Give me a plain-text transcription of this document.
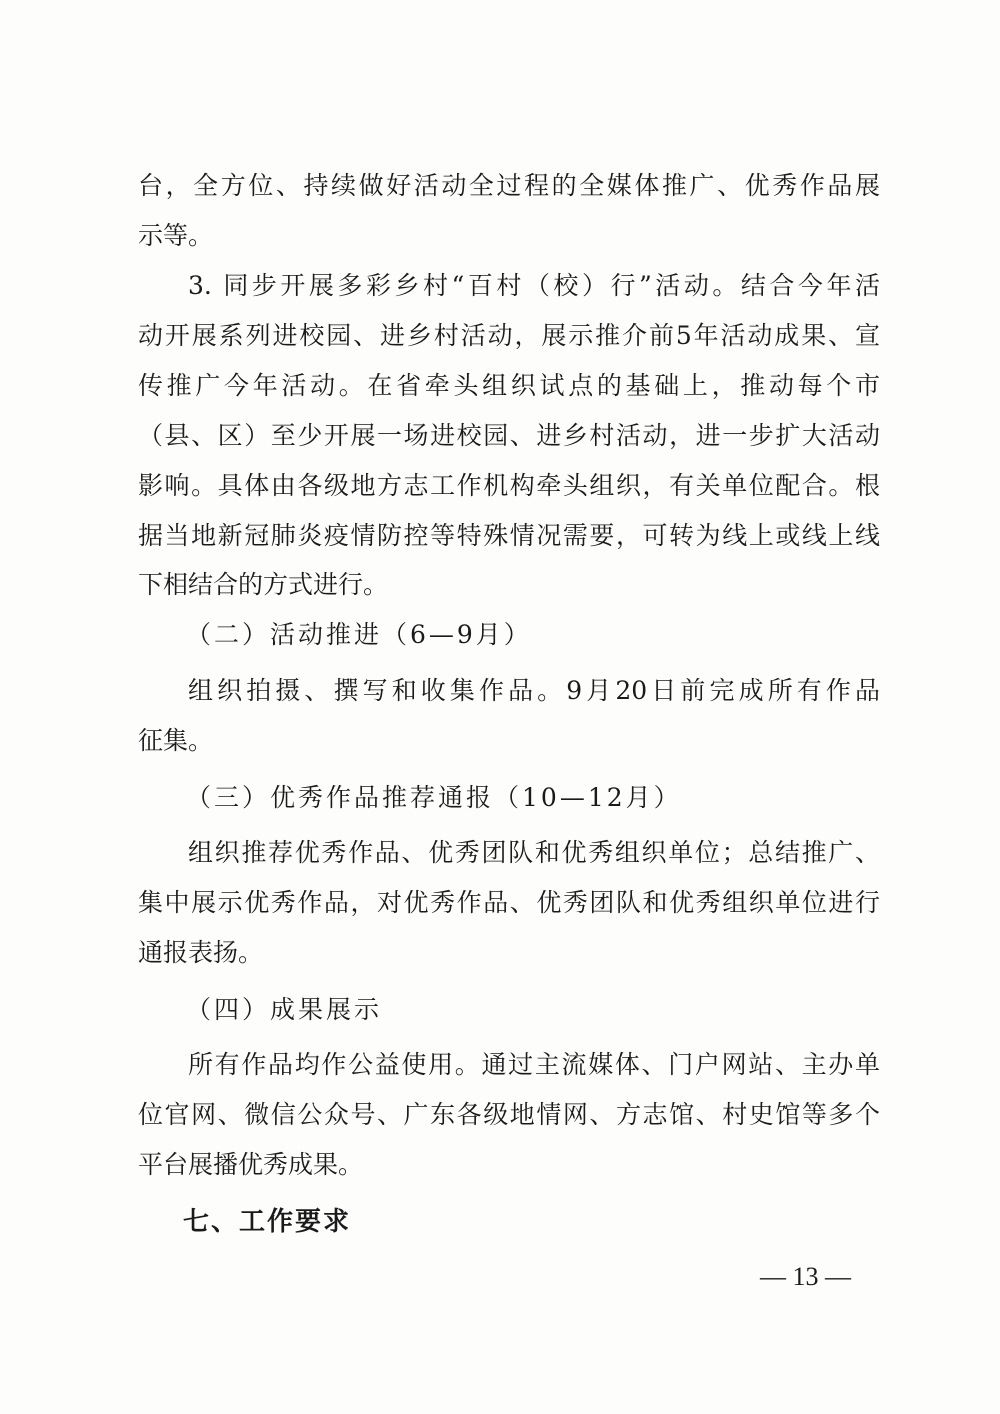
台，全方位、持续做好活动全过程的全媒体推广、优秀作品展
示等。
3. 同步开展多彩乡村“百村（校）行”活动。结合今年活
动开展系列进校园、进乡村活动，展示推介前5年活动成果、宣
传推广今年活动。在省牵头组织试点的基础上，推动每个市
（县、区）至少开展一场进校园、进乡村活动，进一步扩大活动
影响。具体由各级地方志工作机构牵头组织，有关单位配合。根
据当地新冠肺炎疫情防控等特殊情况需要，可转为线上或线上线
下相结合的方式进行。
（二）活动推进（6—9月）
组织拍摄、撰写和收集作品。9月20日前完成所有作品
征集。
（三）优秀作品推荐通报（10—12月）
组织推荐优秀作品、优秀团队和优秀组织单位；总结推广、
集中展示优秀作品，对优秀作品、优秀团队和优秀组织单位进行
通报表扬。
（四）成果展示
所有作品均作公益使用。通过主流媒体、门户网站、主办单
位官网、微信公众号、广东各级地情网、方志馆、村史馆等多个
平台展播优秀成果。
七、工作要求
— 13 —
